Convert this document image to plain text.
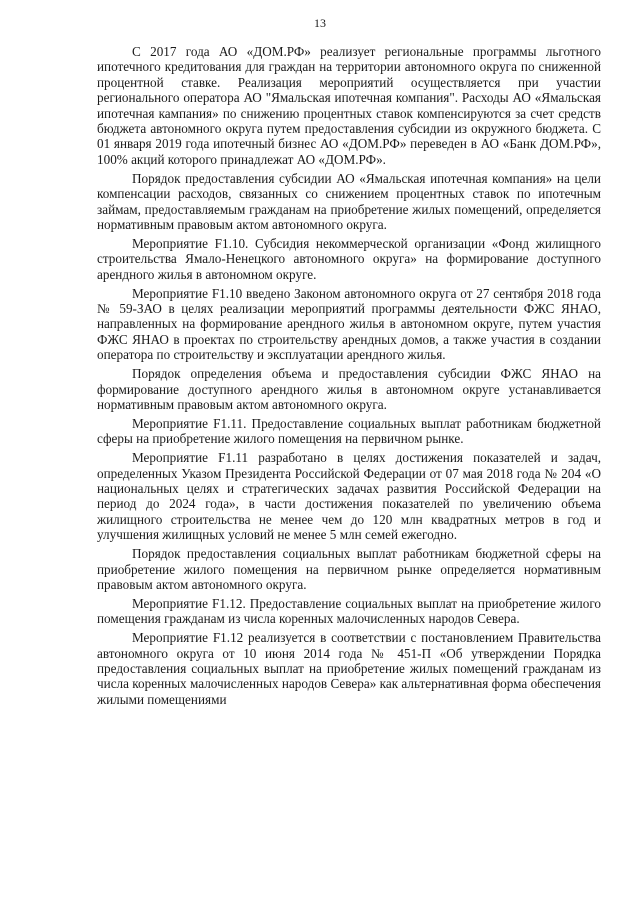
13

С 2017 года АО «ДОМ.РФ» реализует региональные программы льготного ипотечного кредитования для граждан на территории автономного округа по сниженной процентной ставке. Реализация мероприятий осуществляется при участии регионального оператора АО "Ямальская ипотечная компания". Расходы АО «Ямальская ипотечная кампания» по снижению процентных ставок компенсируются за счет средств бюджета автономного округа путем предоставления субсидии из окружного бюджета. С 01 января 2019 года ипотечный бизнес АО «ДОМ.РФ» переведен в АО «Банк ДОМ.РФ», 100% акций которого принадлежат АО «ДОМ.РФ».

Порядок предоставления субсидии АО «Ямальская ипотечная компания» на цели компенсации расходов, связанных со снижением процентных ставок по ипотечным займам, предоставляемым гражданам на приобретение жилых помещений, определяется нормативным правовым актом автономного округа.

Мероприятие F1.10. Субсидия некоммерческой организации «Фонд жилищного строительства Ямало-Ненецкого автономного округа» на формирование доступного арендного жилья в автономном округе.

Мероприятие F1.10 введено Законом автономного округа от 27 сентября 2018 года № 59-ЗАО в целях реализации мероприятий программы деятельности ФЖС ЯНАО, направленных на формирование арендного жилья в автономном округе, путем участия ФЖС ЯНАО в проектах по строительству арендных домов, а также участия в создании оператора по строительству и эксплуатации арендного жилья.

Порядок определения объема и предоставления субсидии ФЖС ЯНАО на формирование доступного арендного жилья в автономном округе устанавливается нормативным правовым актом автономного округа.

Мероприятие F1.11. Предоставление социальных выплат работникам бюджетной сферы на приобретение жилого помещения на первичном рынке.

Мероприятие F1.11 разработано в целях достижения показателей и задач, определенных Указом Президента Российской Федерации от 07 мая 2018 года № 204 «О национальных целях и стратегических задачах развития Российской Федерации на период до 2024 года», в части достижения показателей по увеличению объема жилищного строительства не менее чем до 120 млн квадратных метров в год и улучшения жилищных условий не менее 5 млн семей ежегодно.

Порядок предоставления социальных выплат работникам бюджетной сферы на приобретение жилого помещения на первичном рынке определяется нормативным правовым актом автономного округа.

Мероприятие F1.12. Предоставление социальных выплат на приобретение жилого помещения гражданам из числа коренных малочисленных народов Севера.

Мероприятие F1.12 реализуется в соответствии с постановлением Правительства автономного округа от 10 июня 2014 года № 451-П «Об утверждении Порядка предоставления социальных выплат на приобретение жилых помещений гражданам из числа коренных малочисленных народов Севера» как альтернативная форма обеспечения жилыми помещениями
